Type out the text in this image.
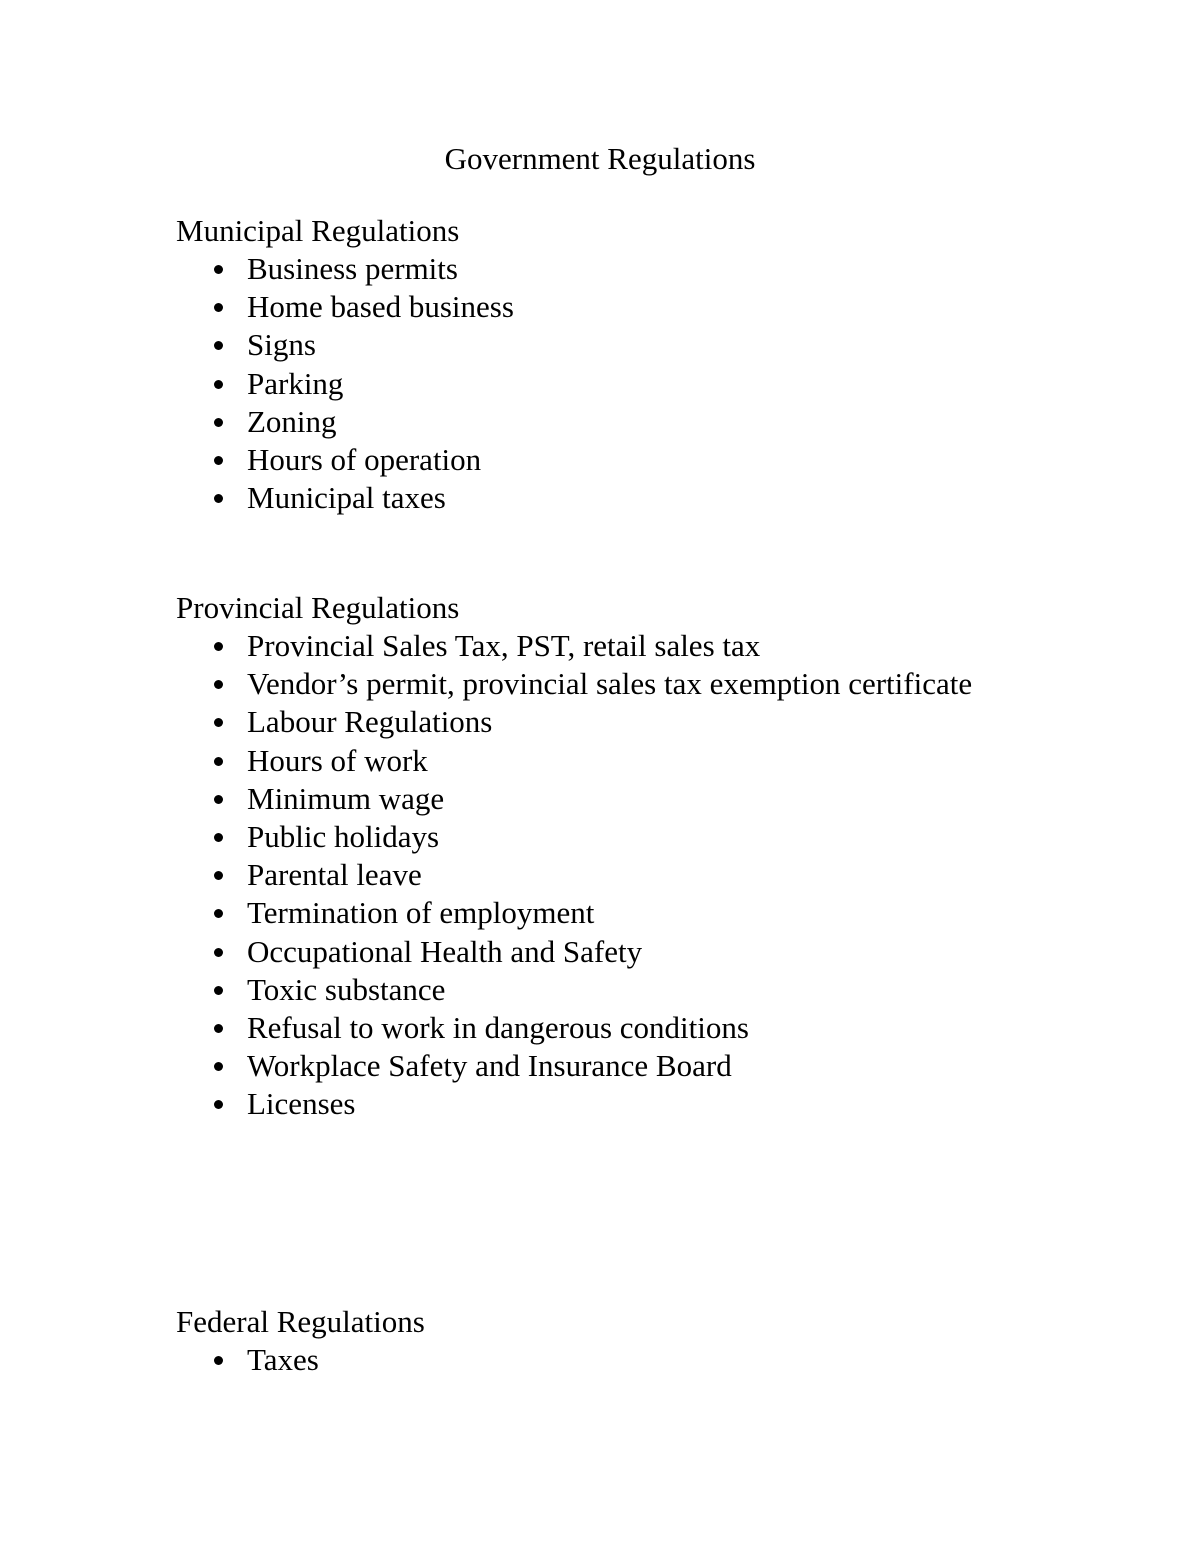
Government Regulations
Municipal Regulations
Business permits
Home based business
Signs
Parking
Zoning
Hours of operation
Municipal taxes
Provincial Regulations
Provincial Sales Tax, PST, retail sales tax
Vendor’s permit, provincial sales tax exemption certificate
Labour Regulations
Hours of work
Minimum wage
Public holidays
Parental leave
Termination of employment
Occupational Health and Safety
Toxic substance
Refusal to work in dangerous conditions
Workplace Safety and Insurance Board
Licenses
Federal Regulations
Taxes
